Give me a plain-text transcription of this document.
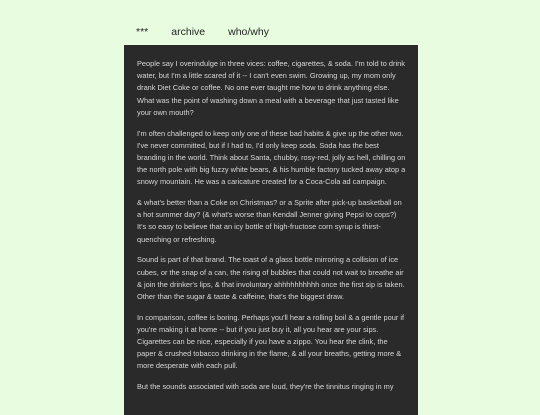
*** archive who/why

People say I overindulge in three vices: coffee, cigarettes, & soda. I'm told to drink water, but I'm a little scared of it -- I can't even swim. Growing up, my mom only drank Diet Coke or coffee. No one ever taught me how to drink anything else. What was the point of washing down a meal with a beverage that just tasted like your own mouth?

I'm often challenged to keep only one of these bad habits & give up the other two. I've never committed, but if I had to, I'd only keep soda. Soda has the best branding in the world. Think about Santa, chubby, rosy-red, jolly as hell, chilling on the north pole with big fuzzy white bears, & his humble factory tucked away atop a snowy mountain. He was a caricature created for a Coca-Cola ad campaign.

& what's better than a Coke on Christmas? or a Sprite after pick-up basketball on a hot summer day? (& what's worse than Kendall Jenner giving Pepsi to cops?) It's so easy to believe that an icy bottle of high-fructose corn syrup is thirst-quenching or refreshing.

Sound is part of that brand. The toast of a glass bottle mirroring a collision of ice cubes, or the snap of a can, the rising of bubbles that could not wait to breathe air & join the drinker's lips, & that involuntary ahhhhhhhhhh once the first sip is taken. Other than the sugar & taste & caffeine, that's the biggest draw.

In comparison, coffee is boring. Perhaps you'll hear a rolling boil & a gentle pour if you're making it at home -- but if you just buy it, all you hear are your sips. Cigarettes can be nice, especially if you have a zippo. You hear the clink, the paper & crushed tobacco drinking in the flame, & all your breaths, getting more & more desperate with each pull.

But the sounds associated with soda are loud, they're the tinnitus ringing in my
